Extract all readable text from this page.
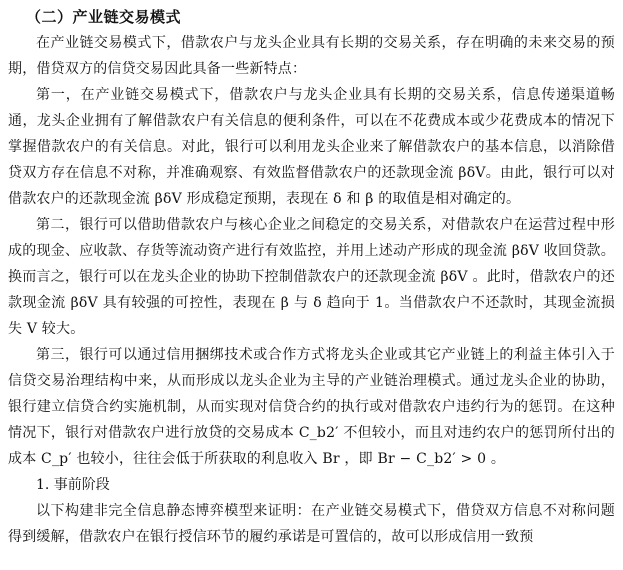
（二）产业链交易模式

在产业链交易模式下，借款农户与龙头企业具有长期的交易关系，存在明确的未来交易的预期，借贷双方的信贷交易因此具备一些新特点：

第一，在产业链交易模式下，借款农户与龙头企业具有长期的交易关系，信息传递渠道畅通，龙头企业拥有了解借款农户有关信息的便利条件，可以在不花费成本或少花费成本的情况下掌握借款农户的有关信息。对此，银行可以利用龙头企业来了解借款农户的基本信息，以消除借贷双方存在信息不对称，并准确观察、有效监督借款农户的还款现金流 βδV。由此，银行可以对借款农户的还款现金流 βδV 形成稳定预期，表现在 δ 和 β 的取值是相对确定的。

第二，银行可以借助借款农户与核心企业之间稳定的交易关系，对借款农户在运营过程中形成的现金、应收款、存货等流动资产进行有效监控，并用上述动产形成的现金流 βδV 收回贷款。换而言之，银行可以在龙头企业的协助下控制借款农户的还款现金流 βδV 。此时，借款农户的还款现金流 βδV 具有较强的可控性，表现在 β 与 δ 趋向于 1。当借款农户不还款时，其现金流损失 V 较大。

第三，银行可以通过信用捆绑技术或合作方式将龙头企业或其它产业链上的利益主体引入于信贷交易治理结构中来，从而形成以龙头企业为主导的产业链治理模式。通过龙头企业的协助，银行建立信贷合约实施机制，从而实现对信贷合约的执行或对借款农户违约行为的惩罚。在这种情况下，银行对借款农户进行放贷的交易成本 C_b2′ 不但较小，而且对违约农户的惩罚所付出的成本 C_p′ 也较小，往往会低于所获取的利息收入 Br ，即 Br − C_b2′ > 0 。

1. 事前阶段

以下构建非完全信息静态博弈模型来证明：在产业链交易模式下，借贷双方信息不对称问题得到缓解，借款农户在银行授信环节的履约承诺是可置信的，故可以形成信用一致预
